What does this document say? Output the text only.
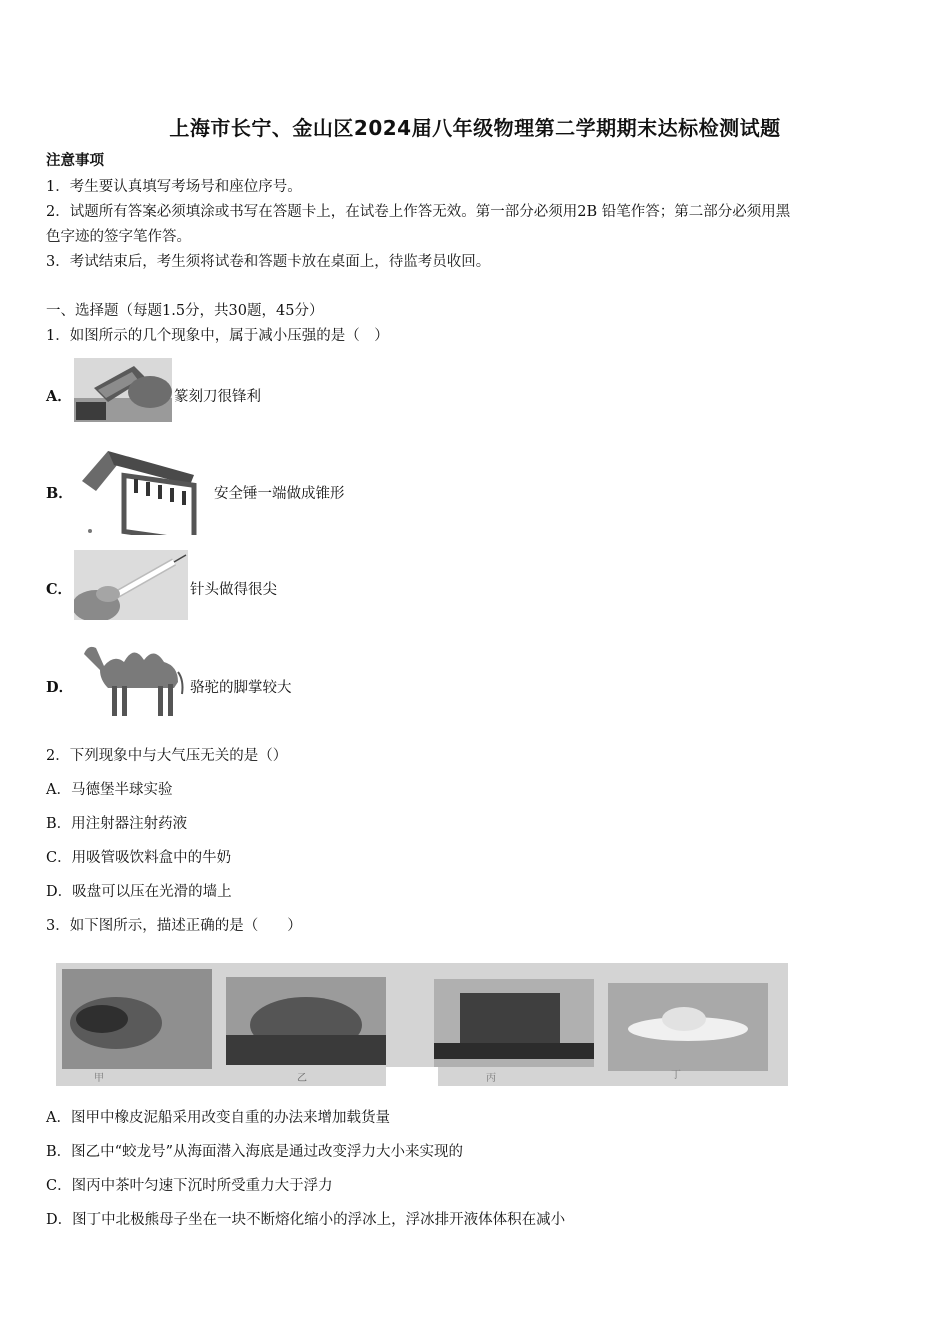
上海市长宁、金山区2024届八年级物理第二学期期末达标检测试题
注意事项
1．考生要认真填写考场号和座位序号。
2．试题所有答案必须填涂或书写在答题卡上，在试卷上作答无效。第一部分必须用2B 铅笔作答；第二部分必须用黑
色字迹的签字笔作答。
3．考试结束后，考生须将试卷和答题卡放在桌面上，待监考员收回。
一、选择题（每题1.5分，共30题，45分）
1．如图所示的几个现象中，属于减小压强的是（　）
A．	篆刻刀很锋利
B．	安全锤一端做成锥形
C．	针头做得很尖
D．	骆驼的脚掌较大
2．下列现象中与大气压无关的是（）
A．马德堡半球实验
B．用注射器注射药液
C．用吸管吸饮料盒中的牛奶
D．吸盘可以压在光滑的墙上
3．如下图所示，描述正确的是（　　）
甲	乙	丙	丁
A．图甲中橡皮泥船采用改变自重的办法来增加载货量
B．图乙中“蛟龙号”从海面潜入海底是通过改变浮力大小来实现的
C．图丙中茶叶匀速下沉时所受重力大于浮力
D．图丁中北极熊母子坐在一块不断熔化缩小的浮冰上，浮冰排开液体体积在减小
